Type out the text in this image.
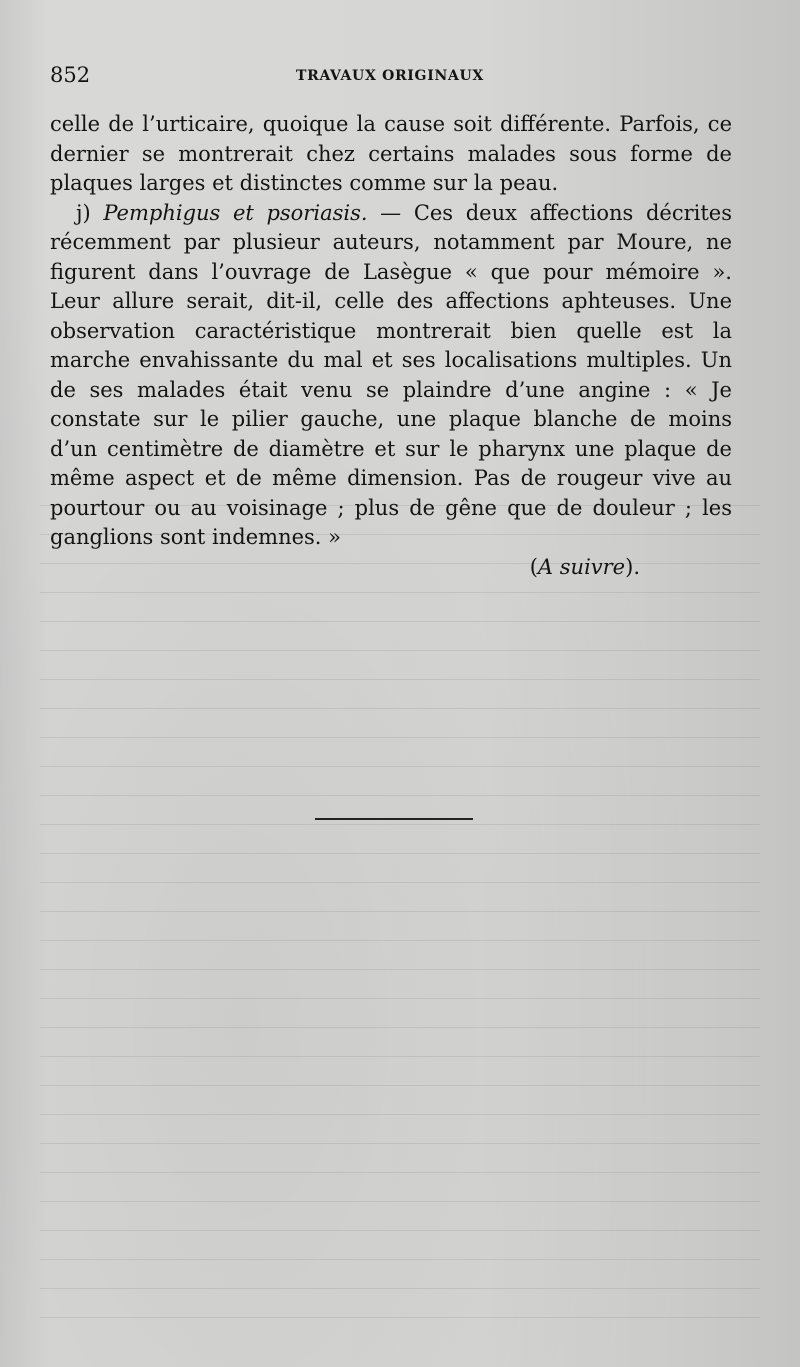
852	TRAVAUX ORIGINAUX

celle de l’urticaire, quoique la cause soit différente. Parfois, ce dernier se montrerait chez certains malades sous forme de plaques larges et distinctes comme sur la peau.

j) Pemphigus et psoriasis. — Ces deux affections décrites récemment par plusieur auteurs, notamment par Moure, ne figurent dans l’ouvrage de Lasègue « que pour mémoire ». Leur allure serait, dit-il, celle des affections aphteuses. Une observation caractéristique montrerait bien quelle est la marche envahissante du mal et ses localisations multiples. Un de ses malades était venu se plaindre d’une angine : « Je constate sur le pilier gauche, une plaque blanche de moins d’un centimètre de diamètre et sur le pharynx une plaque de même aspect et de même dimension. Pas de rougeur vive au pourtour ou au voisinage ; plus de gêne que de douleur ; les ganglions sont indemnes. »

(A suivre).
